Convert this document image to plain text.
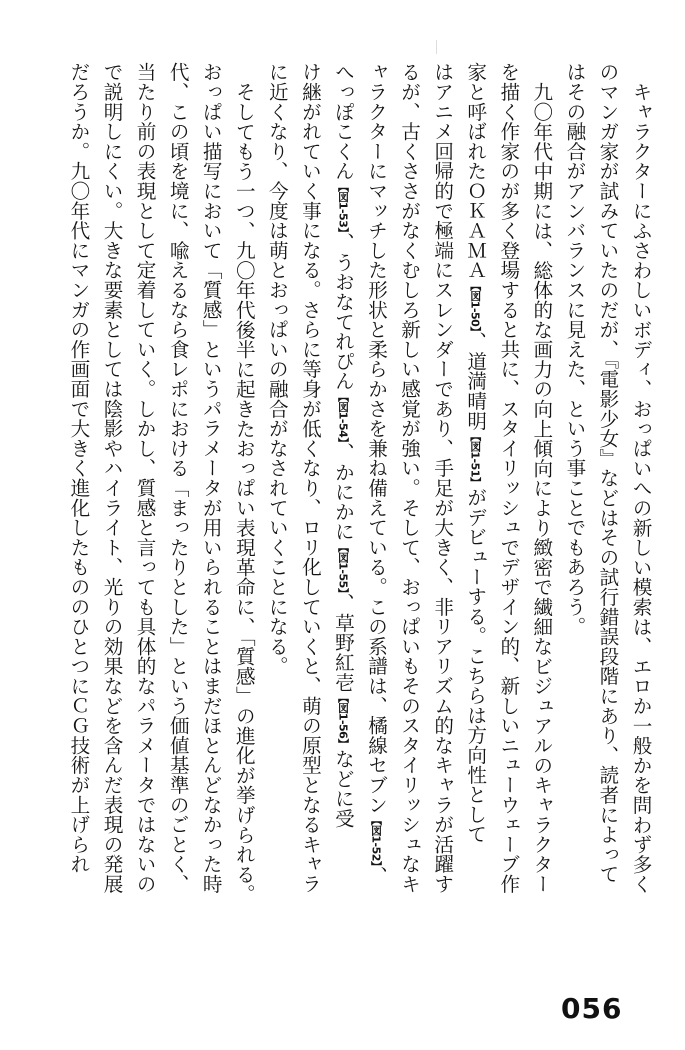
キャラクターにふさわしいボディ、おっぱいへの新しい模索は、エロか一般かを問わず多く
のマンガ家が試みていたのだが、『電影少女』などはその試行錯誤段階にあり、読者によって
はその融合がアンバランスに見えた、という事ことでもあろう。
九〇年代中期には、総体的な画力の向上傾向により緻密で繊細なビジュアルのキャラクター
を描く作家のが多く登場すると共に、スタイリッシュでデザイン的、新しいニューウェーブ作
家と呼ばれたＯＫＡＭＡ【図1-50】、道満晴明【図1-51】がデビューする。こちらは方向性として
はアニメ回帰的で極端にスレンダーであり、手足が大きく、非リアリズム的なキャラが活躍す
るが、古くささがなくむしろ新しい感覚が強い。そして、おっぱいもそのスタイリッシュなキ
ャラクターにマッチした形状と柔らかさを兼ね備えている。この系譜は、橘線セブン【図1-52】、
へっぽこくん【図1-53】、うおなてれぴん【図1-54】、かにかに【図1-55】、草野紅壱【図1-56】などに受
け継がれていく事になる。さらに等身が低くなり、ロリ化していくと、萌の原型となるキャラ
に近くなり、今度は萌とおっぱいの融合がなされていくことになる。
そしてもう一つ、九〇年代後半に起きたおっぱい表現革命に、「質感」の進化が挙げられる。
おっぱい描写において「質感」というパラメータが用いられることはまだほとんどなかった時
代、この頃を境に、喩えるなら食レポにおける「まったりとした」という価値基準のごとく、
当たり前の表現として定着していく。しかし、質感と言っても具体的なパラメータではないの
で説明しにくい。大きな要素としては陰影やハイライト、光りの効果などを含んだ表現の発展
だろうか。九〇年代にマンガの作画面で大きく進化したもののひとつにＣＧ技術が上げられ
056
